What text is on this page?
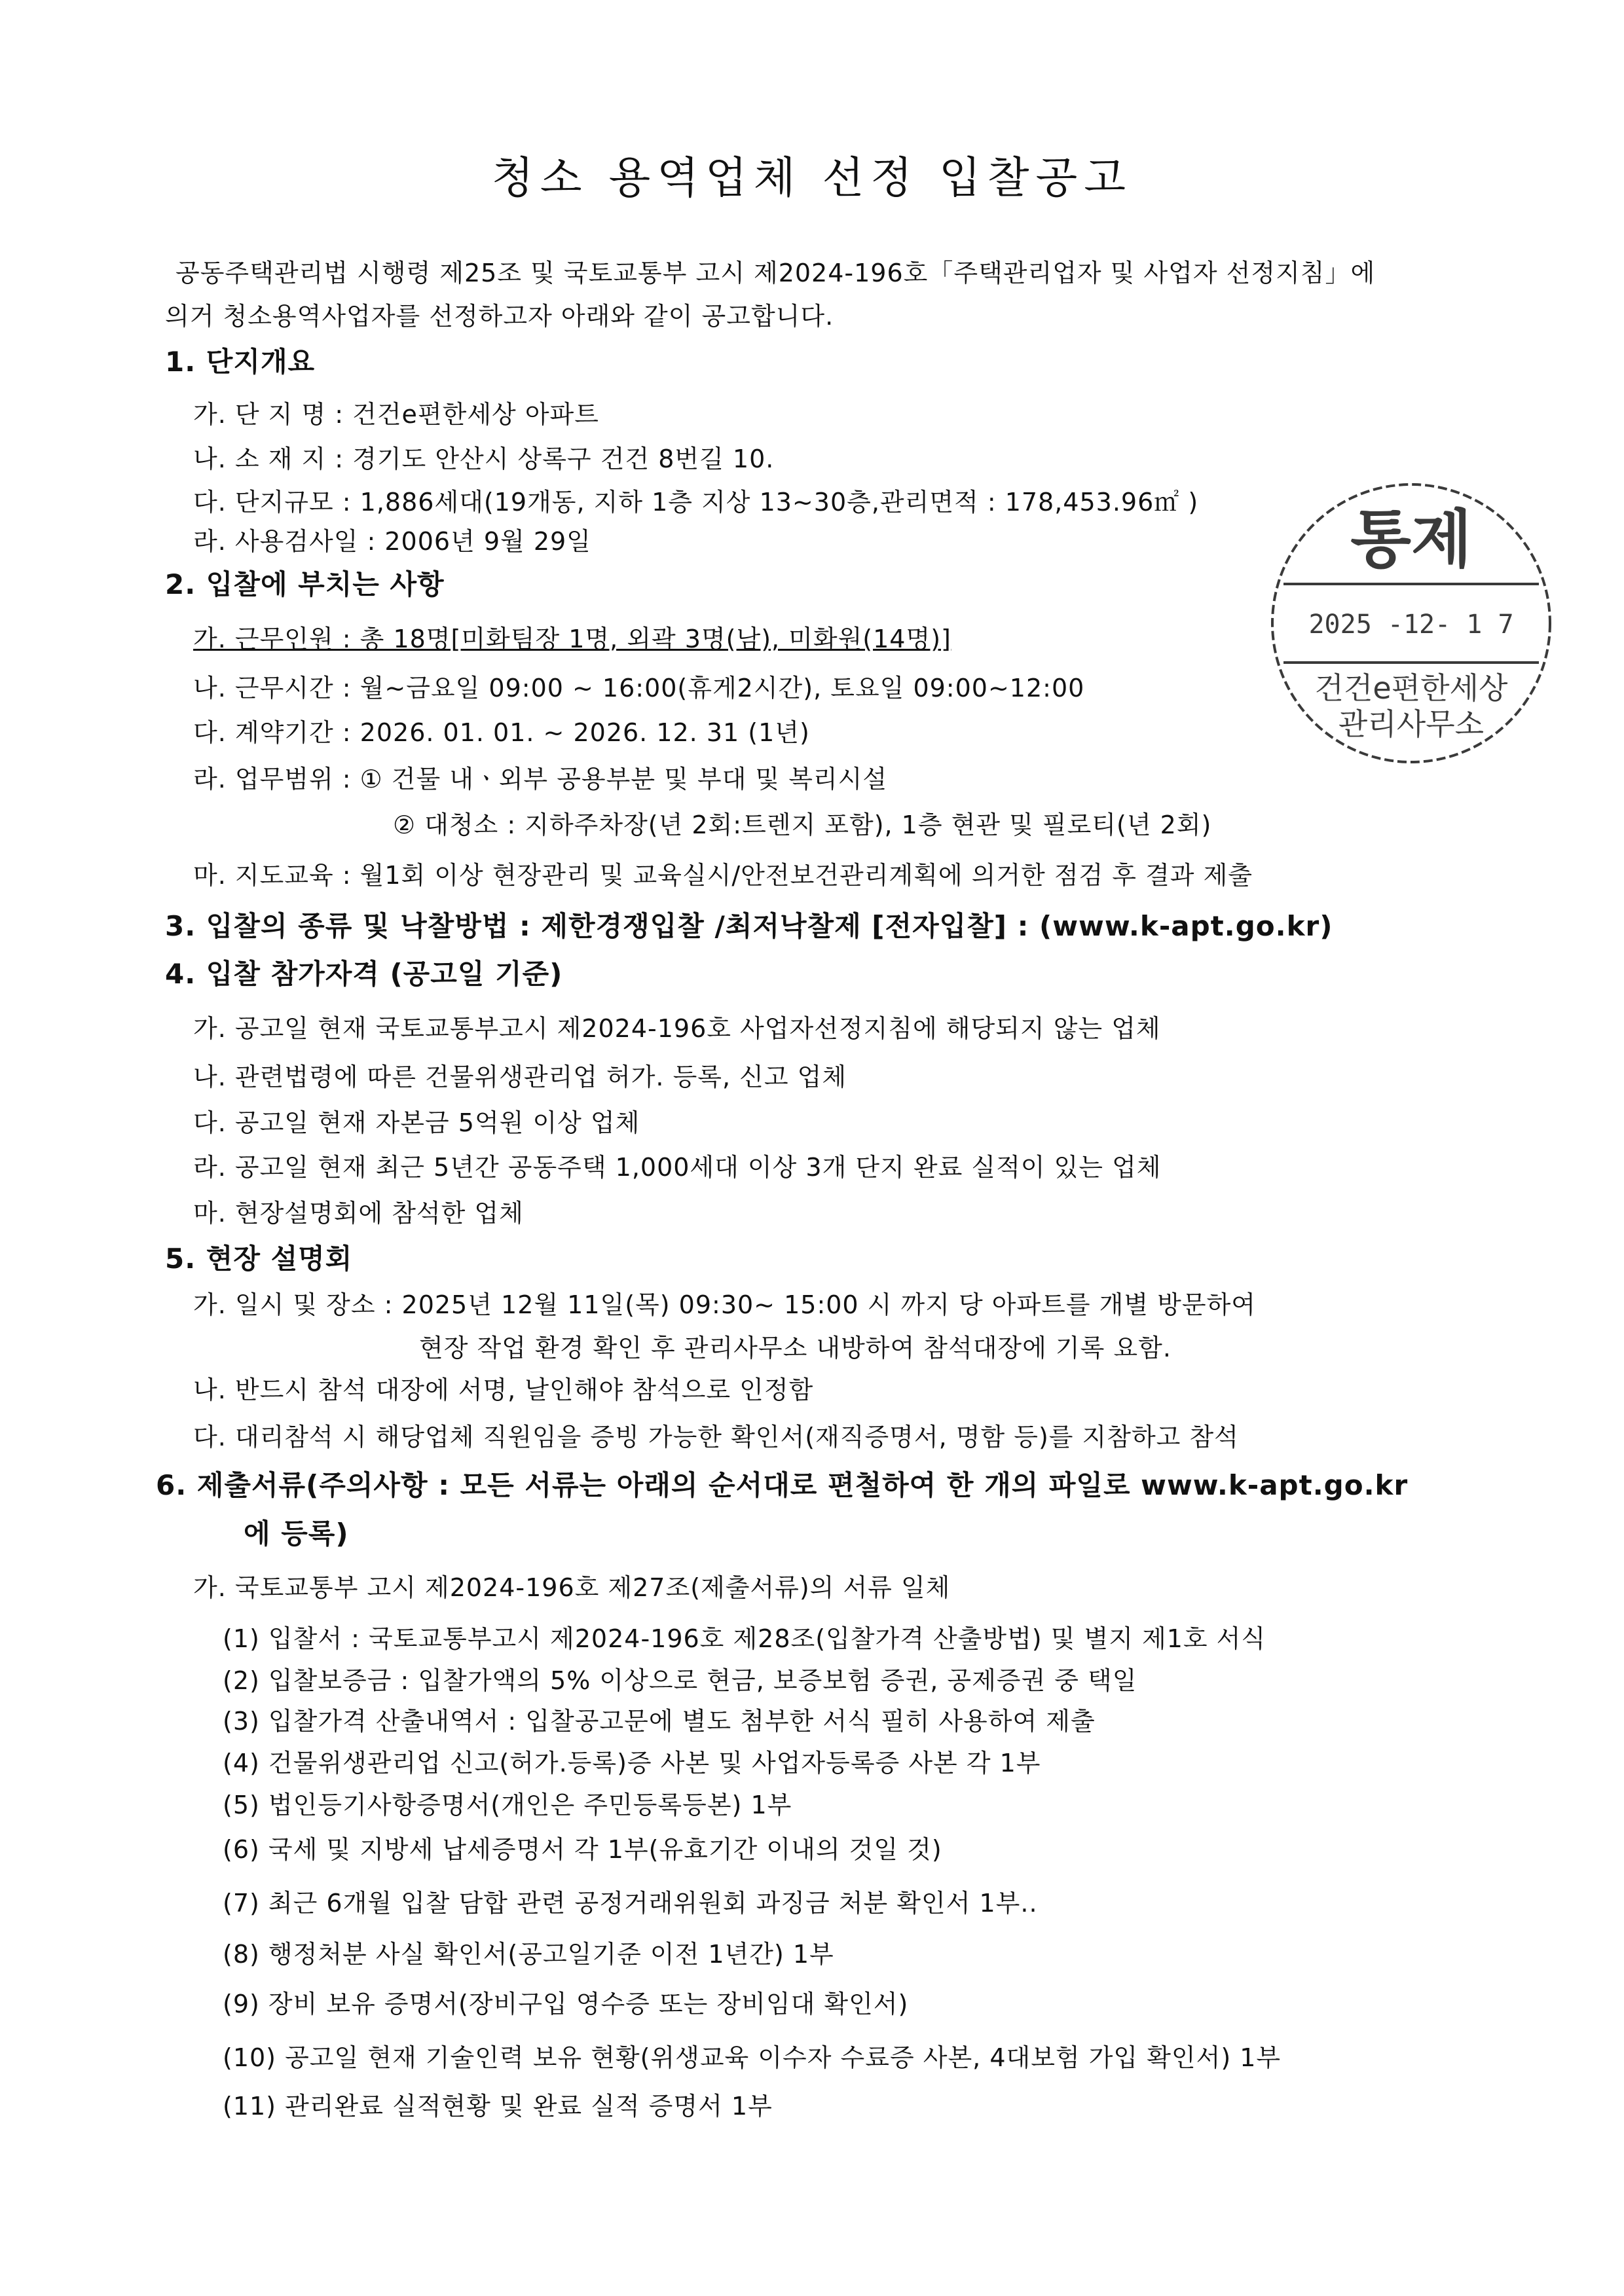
청소 용역업체 선정 입찰공고
공동주택관리법 시행령 제25조 및 국토교통부 고시 제2024-196호「주택관리업자 및 사업자 선정지침」에
의거 청소용역사업자를 선정하고자 아래와 같이 공고합니다.
1. 단지개요
가. 단 지 명 : 건건e편한세상 아파트
나. 소 재 지 : 경기도 안산시 상록구 건건 8번길 10.
다. 단지규모 : 1,886세대(19개동, 지하 1층 지상 13~30층,관리면적 : 178,453.96㎡ )
라. 사용검사일 : 2006년 9월 29일
2. 입찰에 부치는 사항
가. 근무인원 : 총 18명[미화팀장 1명, 외곽 3명(남), 미화원(14명)]
나. 근무시간 : 월~금요일 09:00 ~ 16:00(휴게2시간), 토요일 09:00~12:00
다. 계약기간 : 2026. 01. 01. ~ 2026. 12. 31 (1년)
라. 업무범위 : ① 건물 내ㆍ외부 공용부분 및 부대 및 복리시설
② 대청소 : 지하주차장(년 2회:트렌지 포함), 1층 현관 및 필로티(년 2회)
마. 지도교육 : 월1회 이상 현장관리 및 교육실시/안전보건관리계획에 의거한 점검 후 결과 제출
3. 입찰의 종류 및 낙찰방법 : 제한경쟁입찰 /최저낙찰제 [전자입찰] : (www.k-apt.go.kr)
4. 입찰 참가자격 (공고일 기준)
가. 공고일 현재 국토교통부고시 제2024-196호 사업자선정지침에 해당되지 않는 업체
나. 관련법령에 따른 건물위생관리업 허가. 등록, 신고 업체
다. 공고일 현재 자본금 5억원 이상 업체
라. 공고일 현재 최근 5년간 공동주택 1,000세대 이상 3개 단지 완료 실적이 있는 업체
마. 현장설명회에 참석한 업체
5. 현장 설명회
가. 일시 및 장소 : 2025년 12월 11일(목) 09:30~ 15:00 시 까지 당 아파트를 개별 방문하여
현장 작업 환경 확인 후 관리사무소 내방하여 참석대장에 기록 요함.
나. 반드시 참석 대장에 서명, 날인해야 참석으로 인정함
다. 대리참석 시 해당업체 직원임을 증빙 가능한 확인서(재직증명서, 명함 등)를 지참하고 참석
6. 제출서류(주의사항 : 모든 서류는 아래의 순서대로 편철하여 한 개의 파일로 www.k-apt.go.kr
에 등록)
가. 국토교통부 고시 제2024-196호 제27조(제출서류)의 서류 일체
(1) 입찰서 : 국토교통부고시 제2024-196호 제28조(입찰가격 산출방법) 및 별지 제1호 서식
(2) 입찰보증금 : 입찰가액의 5% 이상으로 현금, 보증보험 증권, 공제증권 중 택일
(3) 입찰가격 산출내역서 : 입찰공고문에 별도 첨부한 서식 필히 사용하여 제출
(4) 건물위생관리업 신고(허가.등록)증 사본 및 사업자등록증 사본 각 1부
(5) 법인등기사항증명서(개인은 주민등록등본) 1부
(6) 국세 및 지방세 납세증명서 각 1부(유효기간 이내의 것일 것)
(7) 최근 6개월 입찰 담합 관련 공정거래위원회 과징금 처분 확인서 1부..
(8) 행정처분 사실 확인서(공고일기준 이전 1년간) 1부
(9) 장비 보유 증명서(장비구입 영수증 또는 장비임대 확인서)
(10) 공고일 현재 기술인력 보유 현황(위생교육 이수자 수료증 사본, 4대보험 가입 확인서) 1부
(11) 관리완료 실적현황 및 완료 실적 증명서 1부
통제
2025 -12- 1 7
건건e편한세상
관리사무소
